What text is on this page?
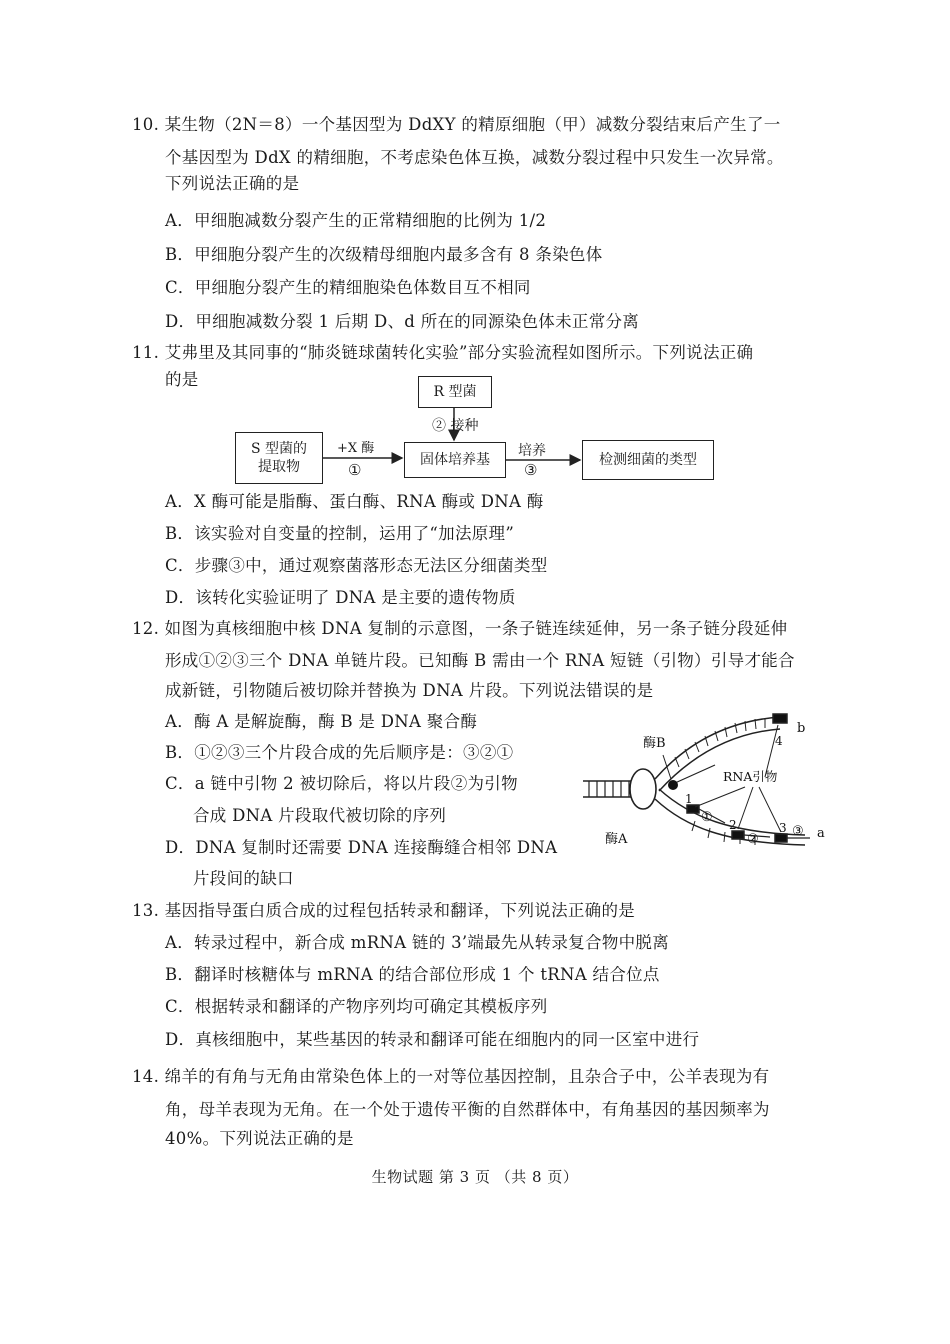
10. 某生物（2N＝8）一个基因型为 DdXY 的精原细胞（甲）减数分裂结束后产生了一
个基因型为 DdX 的精细胞，不考虑染色体互换，减数分裂过程中只发生一次异常。
下列说法正确的是
A．甲细胞减数分裂产生的正常精细胞的比例为 1/2
B．甲细胞分裂产生的次级精母细胞内最多含有 8 条染色体
C．甲细胞分裂产生的精细胞染色体数目互不相同
D．甲细胞减数分裂 1 后期 D、d 所在的同源染色体未正常分离
11. 艾弗里及其同事的“肺炎链球菌转化实验”部分实验流程如图所示。下列说法正确
的是
R 型菌
S 型菌的
提取物	固体培养基	检测细菌的类型
+X 酶
①
② 接种
培养
③
A．X 酶可能是脂酶、蛋白酶、RNA 酶或 DNA 酶
B．该实验对自变量的控制，运用了“加法原理”
C．步骤③中，通过观察菌落形态无法区分细菌类型
D．该转化实验证明了 DNA 是主要的遗传物质
12. 如图为真核细胞中核 DNA 复制的示意图，一条子链连续延伸，另一条子链分段延伸
形成①②③三个 DNA 单链片段。已知酶 B 需由一个 RNA 短链（引物）引导才能合
成新链，引物随后被切除并替换为 DNA 片段。下列说法错误的是
A．酶 A 是解旋酶，酶 B 是 DNA 聚合酶
B．①②③三个片段合成的先后顺序是：③②①
C．a 链中引物 2 被切除后，将以片段②为引物
合成 DNA 片段取代被切除的序列
D．DNA 复制时还需要 DNA 连接酶缝合相邻 DNA
片段间的缺口
酶B
酶A
RNA引物
b
a
4
1
2	3
①
②
③
13. 基因指导蛋白质合成的过程包括转录和翻译，下列说法正确的是
A．转录过程中，新合成 mRNA 链的 3’端最先从转录复合物中脱离
B．翻译时核糖体与 mRNA 的结合部位形成 1 个 tRNA 结合位点
C．根据转录和翻译的产物序列均可确定其模板序列
D．真核细胞中，某些基因的转录和翻译可能在细胞内的同一区室中进行
14. 绵羊的有角与无角由常染色体上的一对等位基因控制，且杂合子中，公羊表现为有
角，母羊表现为无角。在一个处于遗传平衡的自然群体中，有角基因的基因频率为
40%。下列说法正确的是
生物试题 第 3 页 （共 8 页）
